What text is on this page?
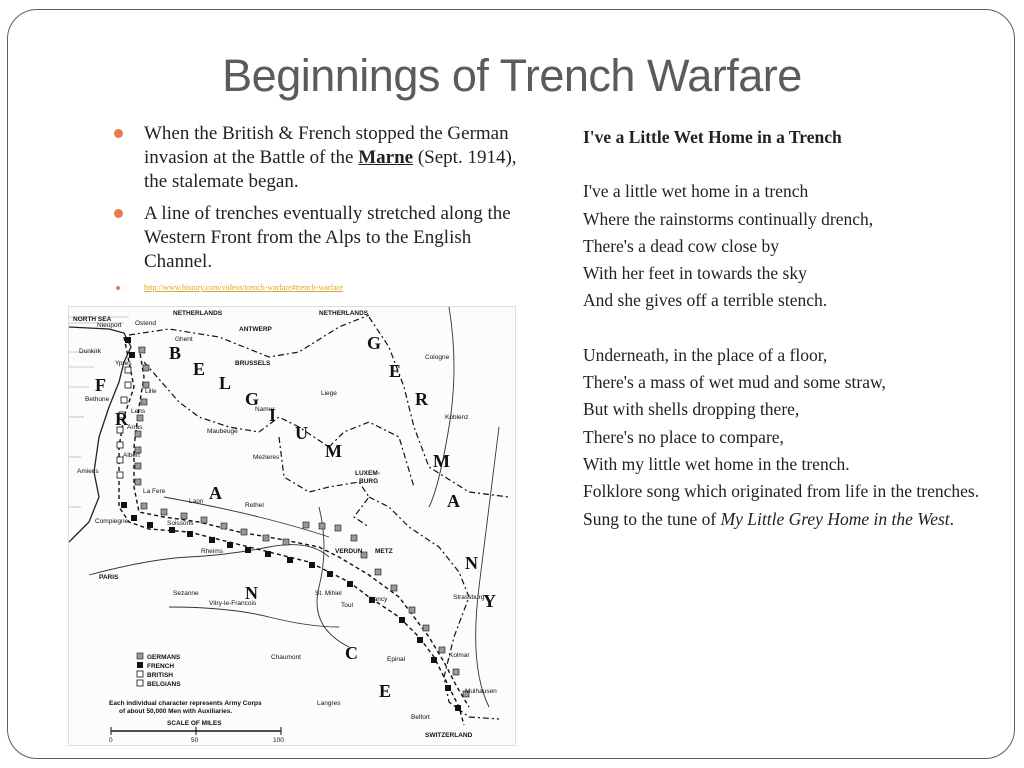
Beginnings of Trench Warfare
When the British & French stopped the German invasion at the Battle of the Marne (Sept. 1914), the stalemate began.
A line of trenches eventually stretched along the Western Front from the Alps to the English Channel.
http://www.history.com/videos/trench-warfare#trench-warfare
B
E
L
G
I
U
M
G
E
R
M
A
N
Y
F
R
A
N
C
E
NORTH SEA
NETHERLANDS	NETHERLANDS
LUXEM-
BURG
SWITZERLAND
Nieuport Ostend
Dunkirk
Ypres
Lille
Bethune
Lens
Arras
Albert
Amiens
La Fere
Laon
Compiegne	Soissons
Rheims
Rethel
Mezieres
VERDUN METZ
PARIS
Sezanne
Vitry-le-Francois
St. Mihiel
Toul
Nancy	Strassburg
Chaumont	Epinal
Kolmar
Langres
Belfort
Mulhausen
Ghent
ANTWERP
BRUSSELS
Namur
Maubeuge
Liege
Cologne
Koblenz
GERMANS
FRENCH
BRITISH
BELGIANS
Each individual character represents Army Corps
of about 50,000 Men with Auxiliaries.
SCALE OF MILES
0	50	100
I've a Little Wet Home in a Trench

I've a little wet home in a trench

Where the rainstorms continually drench,

There's a dead cow close by

With her feet in towards the sky

And she gives off a terrible stench.

Underneath, in the place of a floor,

There's a mass of wet mud and some straw,

But with shells dropping there,

There's no place to compare,

With my little wet home in the trench.

Folklore song which originated from life in the trenches.

Sung to the tune of My Little Grey Home in the West.
